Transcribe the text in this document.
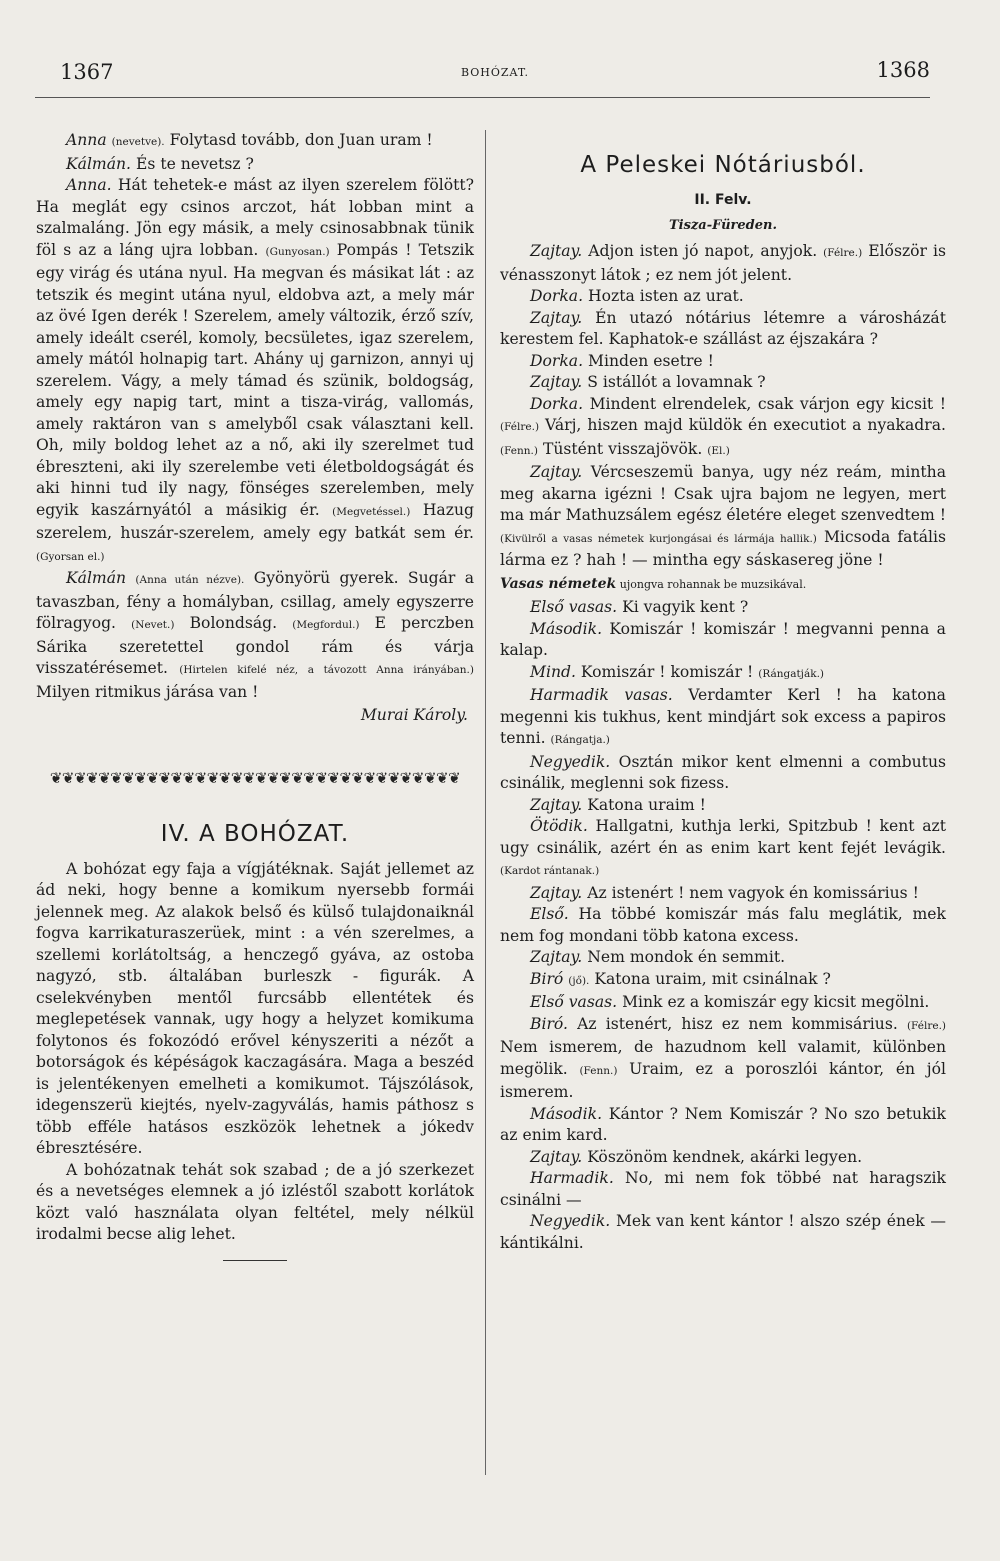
1367	BOHÓZAT.	1368

Anna (nevetve). Folytasd tovább, don Juan uram !

Kálmán. És te nevetsz ?

Anna. Hát tehetek-e mást az ilyen szerelem fölött? Ha meglát egy csinos arczot, hát lobban mint a szalmaláng. Jön egy másik, a mely csinosabbnak tünik föl s az a láng ujra lobban. (Gunyosan.) Pompás ! Tetszik egy virág és utána nyul. Ha megvan és másikat lát : az tetszik és megint utána nyul, eldobva azt, a mely már az övé Igen derék ! Szerelem, amely változik, érző szív, amely ideált cserél, komoly, becsületes, igaz szerelem, amely mától holnapig tart. Ahány uj garnizon, annyi uj szerelem. Vágy, a mely támad és szünik, boldogság, amely egy napig tart, mint a tisza-virág, vallomás, amely raktáron van s amelyből csak választani kell. Oh, mily boldog lehet az a nő, aki ily szerelmet tud ébreszteni, aki ily szerelembe veti életboldogságát és aki hinni tud ily nagy, fönséges szerelemben, mely egyik kaszárnyától a másikig ér. (Megvetéssel.) Hazug szerelem, huszár-szerelem, amely egy batkát sem ér. (Gyorsan el.)

Kálmán (Anna után nézve). Gyönyörü gyerek. Sugár a tavaszban, fény a homályban, csillag, amely egyszerre fölragyog. (Nevet.) Bolondság. (Megfordul.) E perczben Sárika szeretettel gondol rám és várja visszatérésemet. (Hirtelen kifelé néz, a távozott Anna irányában.) Milyen ritmikus járása van !

Murai Károly.

❦❦❦❦❦❦❦❦❦❦❦❦❦❦❦❦❦❦❦❦❦❦❦❦❦❦❦❦❦❦❦❦❦❦
IV. A BOHÓZAT.

A bohózat egy faja a vígjátéknak. Saját jellemet az ád neki, hogy benne a komikum nyersebb formái jelennek meg. Az alakok belső és külső tulajdonaiknál fogva karrikaturaszerüek, mint : a vén szerelmes, a szellemi korlátoltság, a henczegő gyáva, az ostoba nagyzó, stb. általában burleszk - figurák. A cselekvényben mentől furcsább ellentétek és meglepetések vannak, ugy hogy a helyzet komikuma folytonos és fokozódó erővel kényszeriti a nézőt a botorságok és képéságok kaczagására. Maga a beszéd is jelentékenyen emelheti a komikumot. Tájszólások, idegenszerü kiejtés, nyelv-zagyválás, hamis páthosz s több efféle hatásos eszközök lehetnek a jókedv ébresztésére.

A bohózatnak tehát sok szabad ; de a jó szerkezet és a nevetséges elemnek a jó izléstől szabott korlátok közt való használata olyan feltétel, mely nélkül irodalmi becse alig lehet.

A Peleskei Nótáriusból.
II. Felv.
Tisza-Füreden.

Zajtay. Adjon isten jó napot, anyjok. (Félre.) Először is vénasszonyt látok ; ez nem jót jelent.

Dorka. Hozta isten az urat.

Zajtay. Én utazó nótárius létemre a városházát kerestem fel. Kaphatok-e szállást az éjszakára ?

Dorka. Minden esetre !

Zajtay. S istállót a lovamnak ?

Dorka. Mindent elrendelek, csak várjon egy kicsit ! (Félre.) Várj, hiszen majd küldök én executiot a nyakadra. (Fenn.) Tüstént visszajövök. (El.)

Zajtay. Vércseszemü banya, ugy néz reám, mintha meg akarna igézni ! Csak ujra bajom ne legyen, mert ma már Mathuzsálem egész életére eleget szenvedtem ! (Kivülről a vasas németek kurjongásai és lármája hallik.) Micsoda fatális lárma ez ? hah ! — mintha egy sáskasereg jöne !

Vasas németek ujongva rohannak be muzsikával.

Első vasas. Ki vagyik kent ?

Második. Komiszár ! komiszár ! megvanni penna a kalap.

Mind. Komiszár ! komiszár ! (Rángatják.)

Harmadik vasas. Verdamter Kerl ! ha katona megenni kis tukhus, kent mindjárt sok excess a papiros tenni. (Rángatja.)

Negyedik. Osztán mikor kent elmenni a combutus csinálik, meglenni sok fizess.

Zajtay. Katona uraim !

Ötödik. Hallgatni, kuthja lerki, Spitzbub ! kent azt ugy csinálik, azért én as enim kart kent fejét levágik. (Kardot rántanak.)

Zajtay. Az istenért ! nem vagyok én komissárius !

Első. Ha többé komiszár más falu meglátik, mek nem fog mondani több katona excess.

Zajtay. Nem mondok én semmit.

Biró (jő). Katona uraim, mit csinálnak ?

Első vasas. Mink ez a komiszár egy kicsit megölni.

Biró. Az istenért, hisz ez nem kommisárius. (Félre.) Nem ismerem, de hazudnom kell valamit, különben megölik. (Fenn.) Uraim, ez a poroszlói kántor, én jól ismerem.

Második. Kántor ? Nem Komiszár ? No szo betukik az enim kard.

Zajtay. Köszönöm kendnek, akárki legyen.

Harmadik. No, mi nem fok többé nat haragszik csinálni —

Negyedik. Mek van kent kántor ! alszo szép ének — kántikálni.
